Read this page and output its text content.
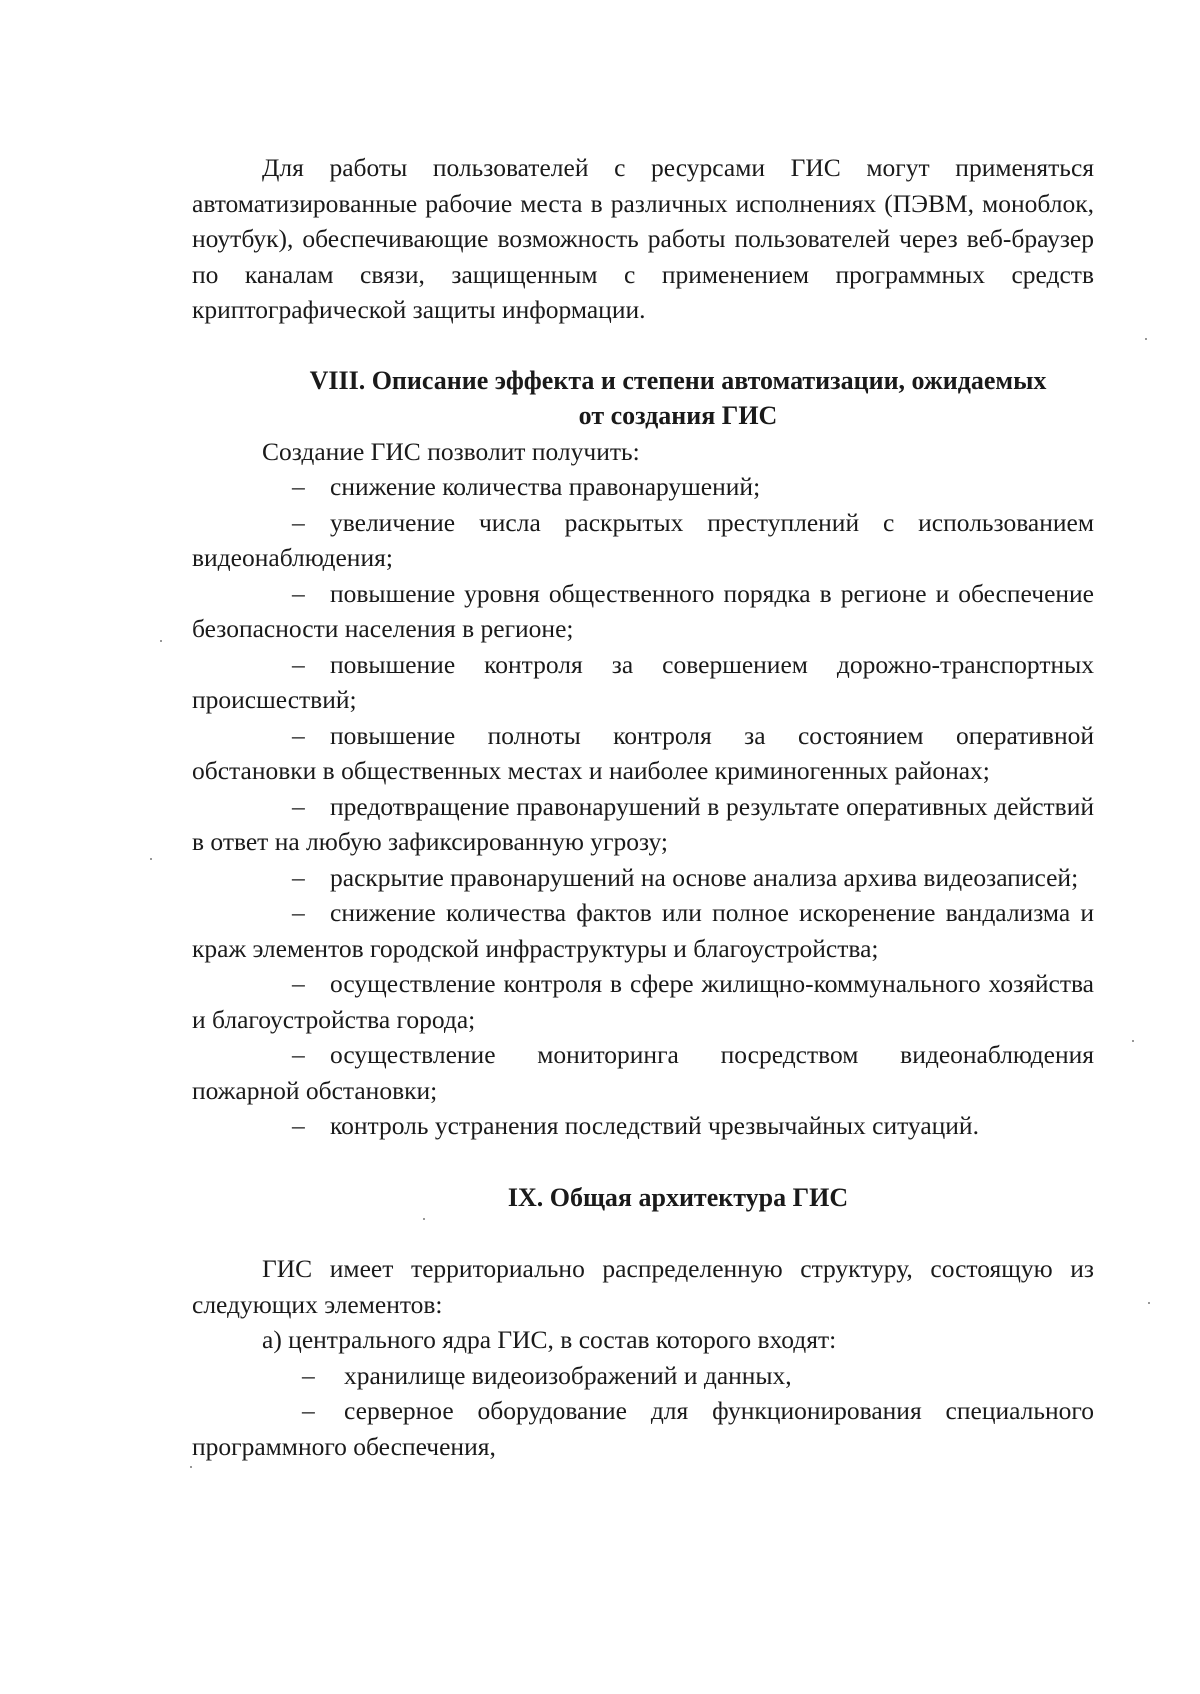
Для работы пользователей с ресурсами ГИС могут применяться автоматизированные рабочие места в различных исполнениях (ПЭВМ, моноблок, ноутбук), обеспечивающие возможность работы пользователей через веб-браузер по каналам связи, защищенным с применением программных средств криптографической защиты информации.

VIII. Описание эффекта и степени автоматизации, ожидаемых
от создания ГИС

Создание ГИС позволит получить:

– снижение количества правонарушений;

– увеличение числа раскрытых преступлений с использованием видеонаблюдения;

– повышение уровня общественного порядка в регионе и обеспечение безопасности населения в регионе;

– повышение контроля за совершением дорожно-транспортных происшествий;

– повышение полноты контроля за состоянием оперативной обстановки в общественных местах и наиболее криминогенных районах;

– предотвращение правонарушений в результате оперативных действий в ответ на любую зафиксированную угрозу;

– раскрытие правонарушений на основе анализа архива видеозаписей;

– снижение количества фактов или полное искоренение вандализма и краж элементов городской инфраструктуры и благоустройства;

– осуществление контроля в сфере жилищно-коммунального хозяйства и благоустройства города;

– осуществление мониторинга посредством видеонаблюдения пожарной обстановки;

– контроль устранения последствий чрезвычайных ситуаций.

IX. Общая архитектура ГИС

ГИС имеет территориально распределенную структуру, состоящую из следующих элементов:

а) центрального ядра ГИС, в состав которого входят:

– хранилище видеоизображений и данных,

– серверное оборудование для функционирования специального программного обеспечения,
